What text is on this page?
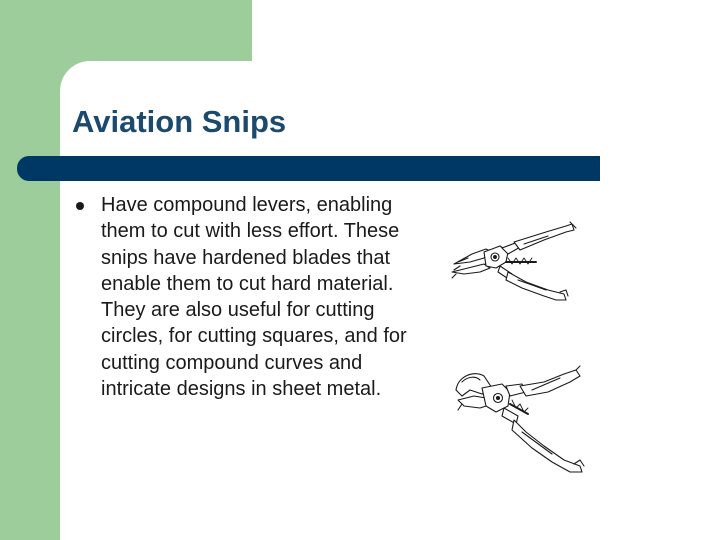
Aviation Snips
Have compound levers, enabling them to cut with less effort. These snips have hardened blades that enable them to cut hard material. They are also useful for cutting circles, for cutting squares, and for cutting compound curves and intricate designs in sheet metal.
